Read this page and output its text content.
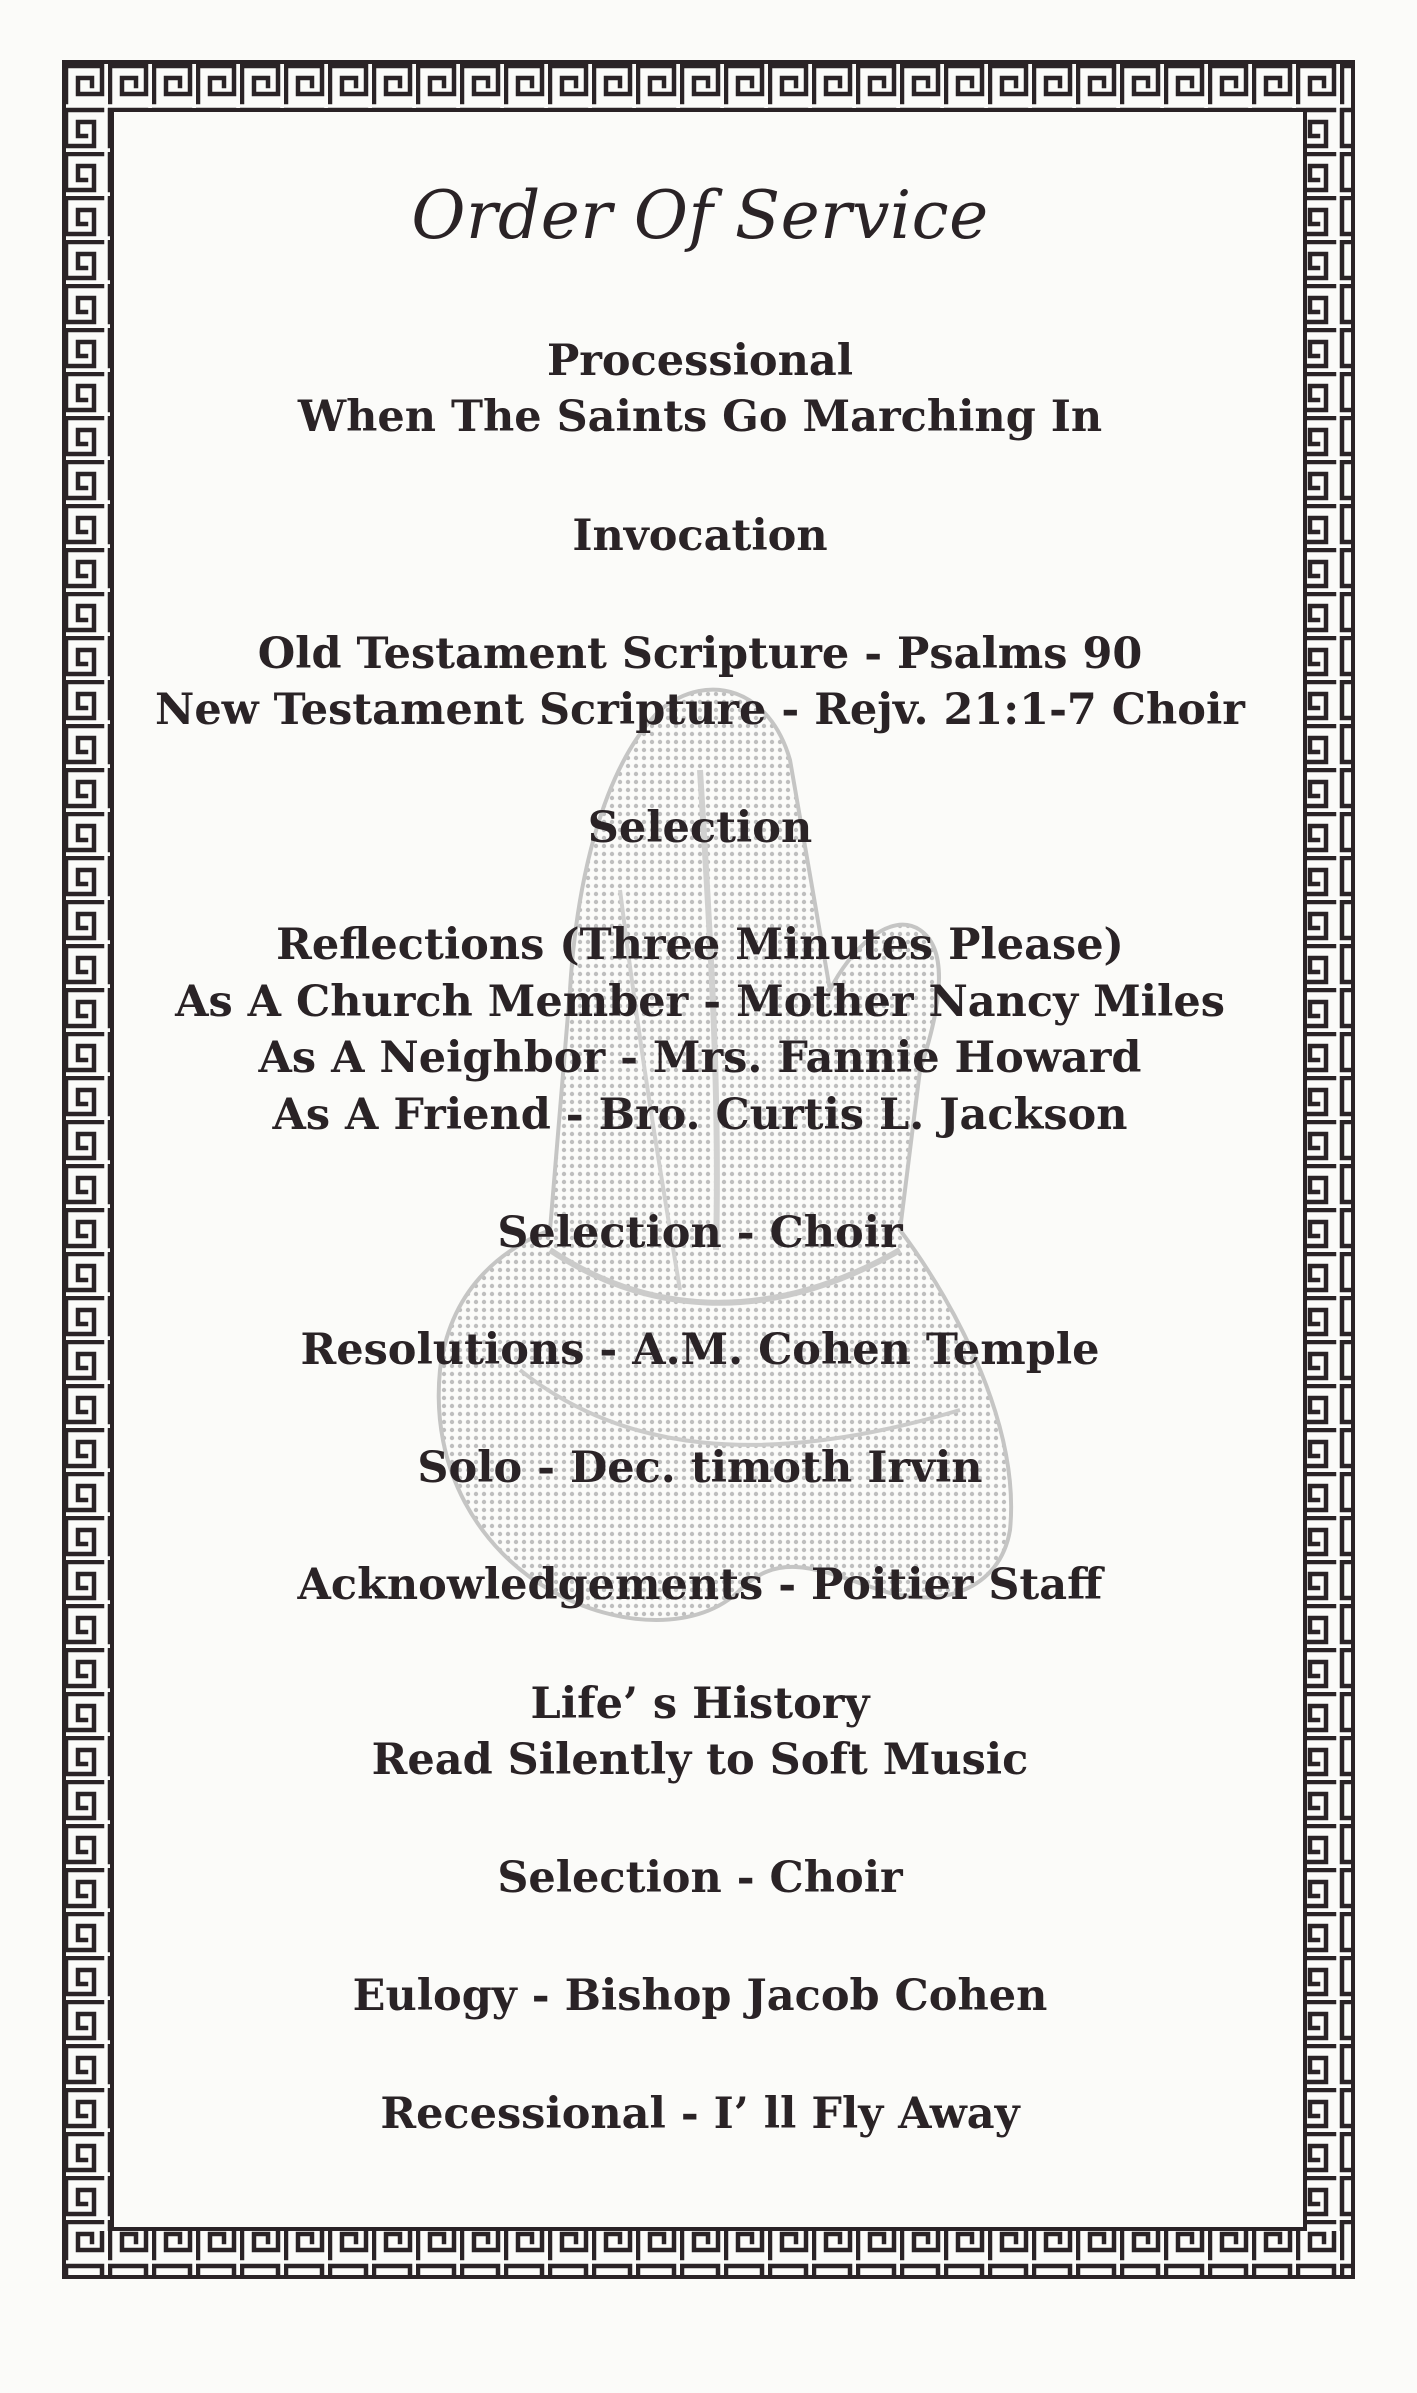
Order Of Service
Processional
When The Saints Go Marching In
Invocation
Old Testament Scripture - Psalms 90
New Testament Scripture - Rejv. 21:1-7 Choir
Selection
Reflections (Three Minutes Please)
As A Church Member - Mother Nancy Miles
As A Neighbor - Mrs. Fannie Howard
As A Friend - Bro. Curtis L. Jackson
Selection - Choir
Resolutions - A.M. Cohen Temple
Solo - Dec. timoth Irvin
Acknowledgements - Poitier Staff
Life’ s History
Read Silently to Soft Music
Selection - Choir
Eulogy - Bishop Jacob Cohen
Recessional - I’ ll Fly Away
